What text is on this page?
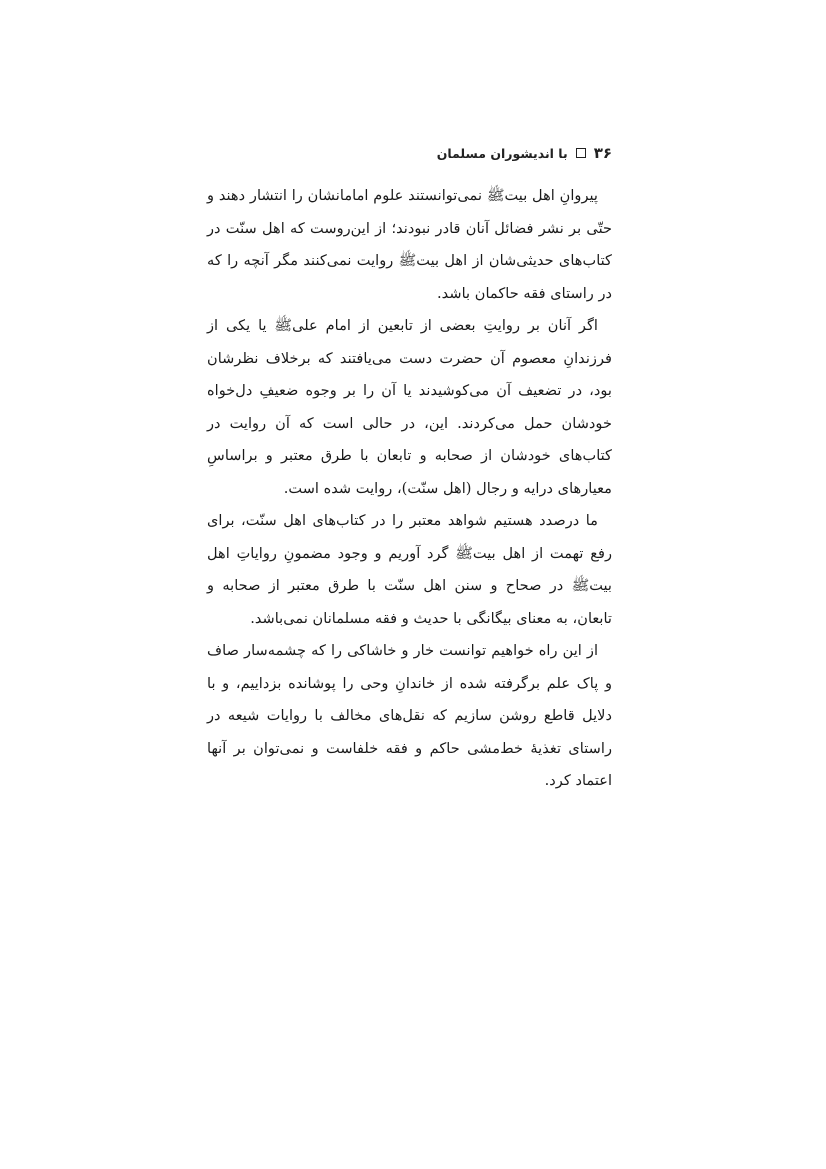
۳۶
با اندیشوران مسلمان

پیروانِ اهل بیتﷺ نمی‌توانستند علوم امامانشان را انتشار دهند و حتّی بر نشر فضائل آنان قادر نبودند؛ از این‌روست که اهل سنّت در کتاب‌های حدیثی‌شان از اهل بیتﷺ روایت نمی‌کنند مگر آنچه را که در راستای فقه حاکمان باشد.

اگر آنان بر روایتِ بعضی از تابعین از امام علیﷺ یا یکی از فرزندانِ معصوم آن حضرت دست می‌یافتند که برخلاف نظرشان بود، در تضعیف آن می‌کوشیدند یا آن را بر وجوه ضعیفِ دل‌خواه خودشان حمل می‌کردند. این، در حالی است که آن روایت در کتاب‌های خودشان از صحابه و تابعان با طرق معتبر و براساسِ معیارهای درایه و رجال (اهل سنّت)، روایت شده است.

ما درصدد هستیم شواهد معتبر را در کتاب‌های اهل سنّت، برای رفع تهمت از اهل بیتﷺ گرد آوریم و وجود مضمونِ روایاتِ اهل بیتﷺ در صحاح و سنن اهل سنّت با طرق معتبر از صحابه و تابعان، به معنای بیگانگی با حدیث و فقه مسلمانان نمی‌باشد.

از این راه خواهیم توانست خار و خاشاکی را که چشمه‌سار صاف و پاک علم برگرفته شده از خاندانِ وحی را پوشانده بزداییم، و با دلایل قاطع روشن سازیم که نقل‌های مخالف با روایات شیعه در راستای تغذیۀ خط‌مشی حاکم و فقه خلفاست و نمی‌توان بر آنها اعتماد کرد.
